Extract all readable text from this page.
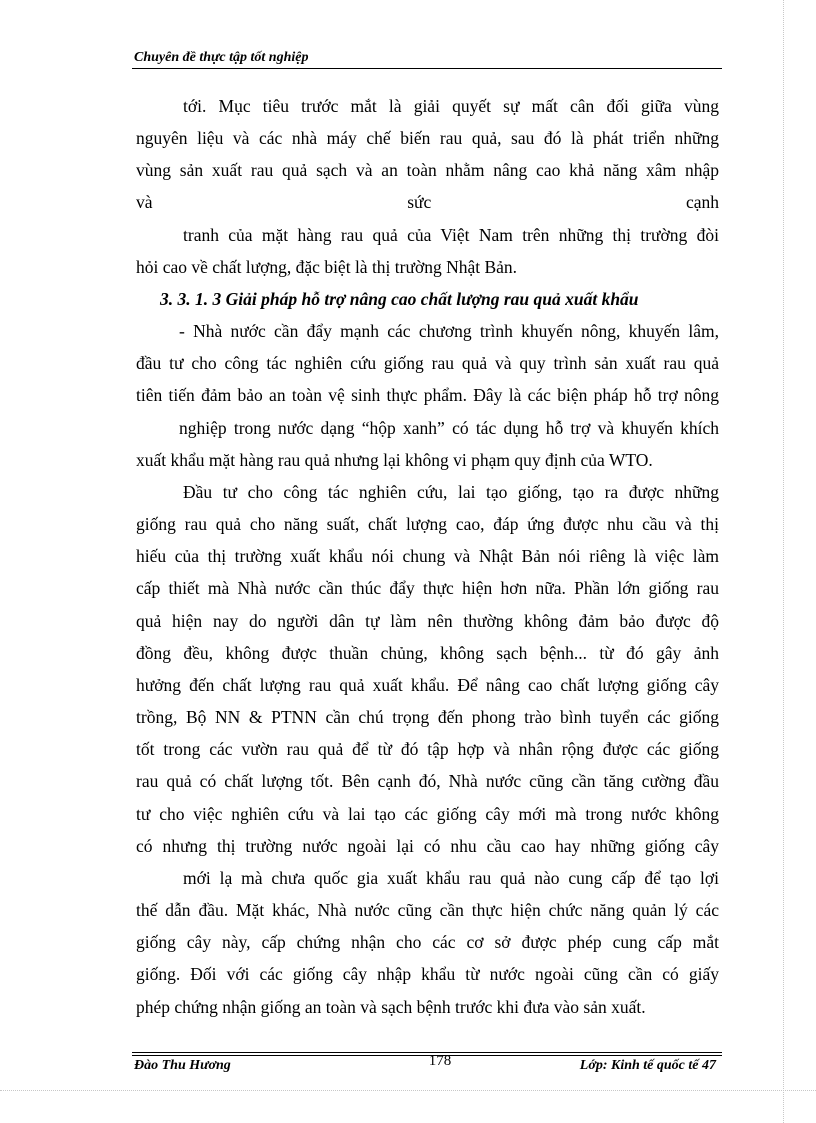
Chuyên đề thực tập tốt nghiệp
tới. Mục tiêu trước mắt là giải quyết sự mất cân đối giữa vùng
nguyên liệu và các nhà máy chế biến rau quả, sau đó là phát triển những
vùng sản xuất rau quả sạch và an toàn nhằm nâng cao khả năng xâm nhập
và sức cạnh
tranh của mặt hàng rau quả của Việt Nam trên những thị trường đòi
hỏi cao về chất lượng, đặc biệt là thị trường Nhật Bản.
3. 3. 1. 3 Giải pháp hỗ trợ nâng cao chất lượng rau quả xuất khẩu
- Nhà nước cần đẩy mạnh các chương trình khuyến nông, khuyến lâm,
đầu tư cho công tác nghiên cứu giống rau quả và quy trình sản xuất rau quả
tiên tiến đảm bảo an toàn vệ sinh thực phẩm. Đây là các biện pháp hỗ trợ nông
nghiệp trong nước dạng “hộp xanh” có tác dụng hỗ trợ và khuyến khích
xuất khẩu mặt hàng rau quả nhưng lại không vi phạm quy định của WTO.
Đầu tư cho công tác nghiên cứu, lai tạo giống, tạo ra được những
giống rau quả cho năng suất, chất lượng cao, đáp ứng được nhu cầu và thị
hiếu của thị trường xuất khẩu nói chung và Nhật Bản nói riêng là việc làm
cấp thiết mà Nhà nước cần thúc đẩy thực hiện hơn nữa. Phần lớn giống rau
quả hiện nay do người dân tự làm nên thường không đảm bảo được độ
đồng đều, không được thuần chủng, không sạch bệnh... từ đó gây ảnh
hưởng đến chất lượng rau quả xuất khẩu. Để nâng cao chất lượng giống cây
trồng, Bộ NN & PTNN cần chú trọng đến phong trào bình tuyển các giống
tốt trong các vườn rau quả để từ đó tập hợp và nhân rộng được các giống
rau quả có chất lượng tốt. Bên cạnh đó, Nhà nước cũng cần tăng cường đầu
tư cho việc nghiên cứu và lai tạo các giống cây mới mà trong nước không
có nhưng thị trường nước ngoài lại có nhu cầu cao hay những giống cây
mới lạ mà chưa quốc gia xuất khẩu rau quả nào cung cấp để tạo lợi
thế dẫn đầu. Mặt khác, Nhà nước cũng cần thực hiện chức năng quản lý các
giống cây này, cấp chứng nhận cho các cơ sở được phép cung cấp mắt
giống. Đối với các giống cây nhập khẩu từ nước ngoài cũng cần có giấy
phép chứng nhận giống an toàn và sạch bệnh trước khi đưa vào sản xuất.
Đào Thu Hương	178	Lớp: Kinh tế quốc tế 47
